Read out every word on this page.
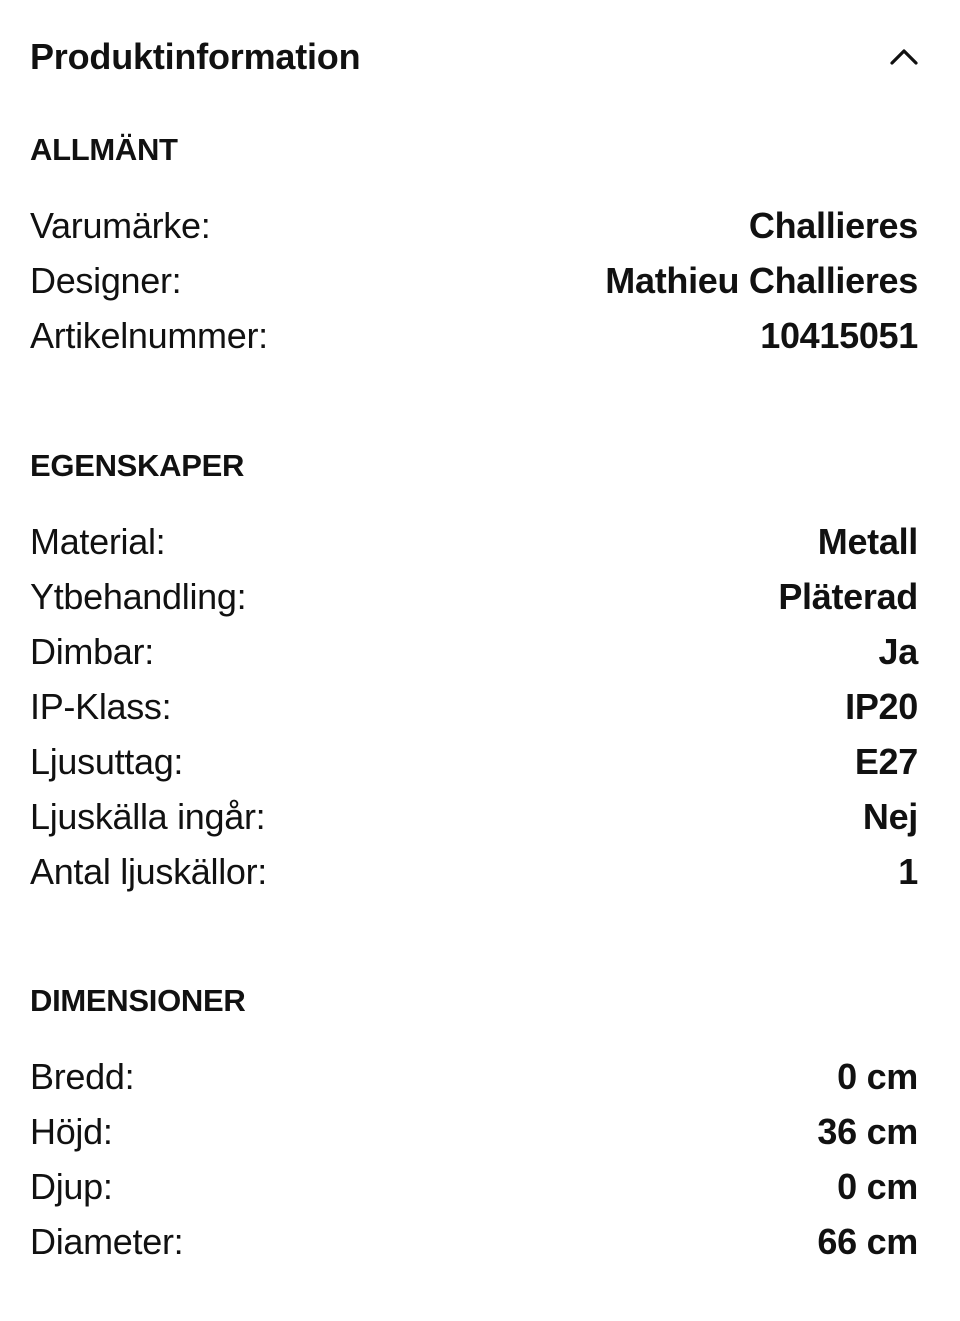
Produktinformation
ALLMÄNT
Varumärke:	Challieres
Designer:	Mathieu Challieres
Artikelnummer:	10415051
EGENSKAPER
Material:	Metall
Ytbehandling:	Pläterad
Dimbar:	Ja
IP-Klass:	IP20
Ljusuttag:	E27
Ljuskälla ingår:	Nej
Antal ljuskällor:	1
DIMENSIONER
Bredd:	0 cm
Höjd:	36 cm
Djup:	0 cm
Diameter:	66 cm
